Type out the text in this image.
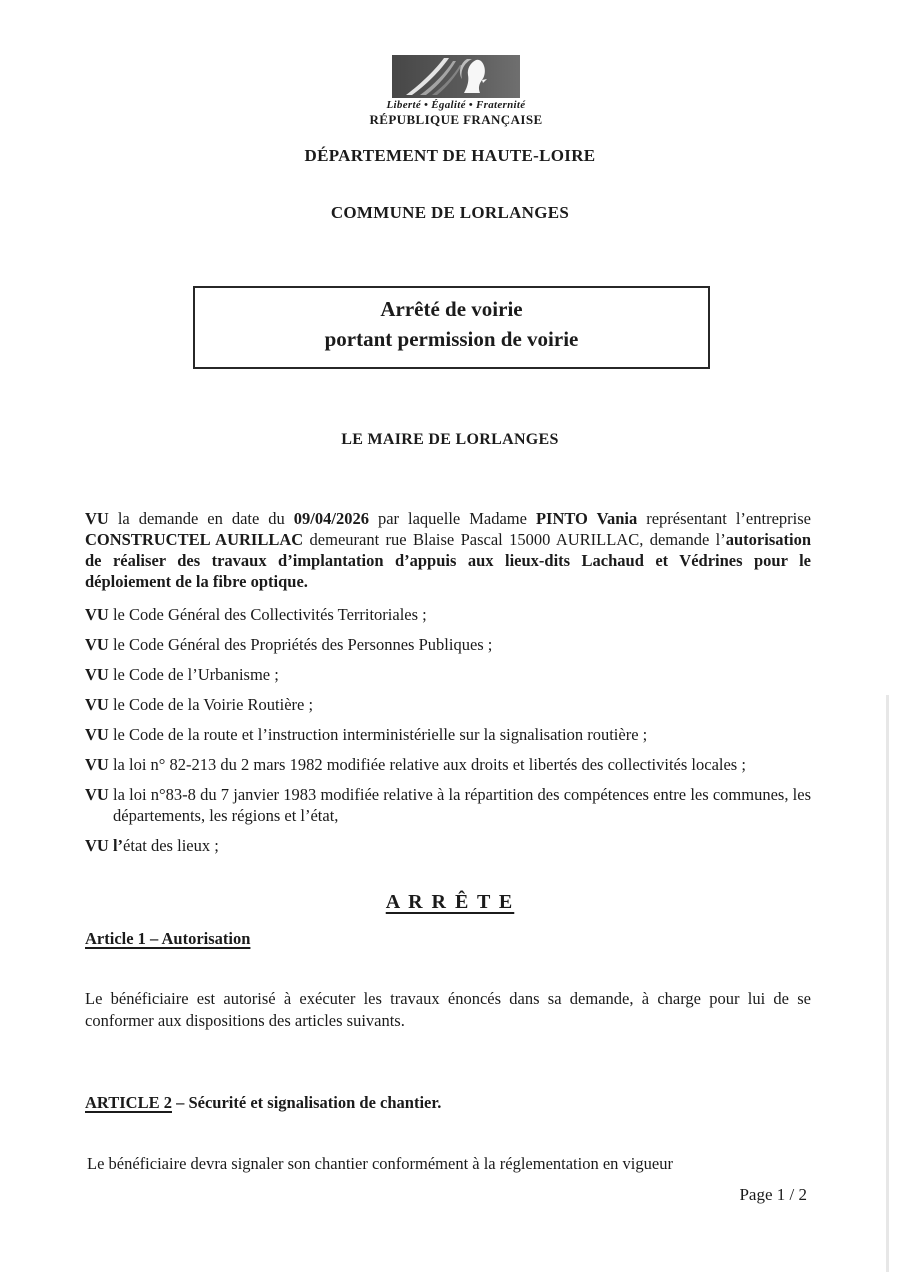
Liberté • Égalité • Fraternité
RÉPUBLIQUE FRANÇAISE
DÉPARTEMENT DE HAUTE-LOIRE
COMMUNE DE LORLANGES
Arrêté de voirie
portant permission de voirie
LE MAIRE DE LORLANGES

VU la demande en date du 09/04/2026 par laquelle Madame PINTO Vania représentant l’entreprise CONSTRUCTEL AURILLAC demeurant rue Blaise Pascal 15000 AURILLAC, demande l’autorisation de réaliser des travaux d’implantation d’appuis aux lieux-dits Lachaud et Védrines pour le déploiement de la fibre optique.

VU le Code Général des Collectivités Territoriales ;

VU le Code Général des Propriétés des Personnes Publiques ;

VU le Code de l’Urbanisme ;

VU le Code de la Voirie Routière ;

VU le Code de la route et l’instruction interministérielle sur la signalisation routière ;

VU la loi n° 82-213 du 2 mars 1982 modifiée relative aux droits et libertés des collectivités locales ;

VU la loi n°83-8 du 7 janvier 1983 modifiée relative à la répartition des compétences entre les communes, les départements, les régions et l’état,

VU l’état des lieux ;

A R R Ê T E
Article 1 – Autorisation

Le bénéficiaire est autorisé à exécuter les travaux énoncés dans sa demande, à charge pour lui de se conformer aux dispositions des articles suivants.

ARTICLE 2 – Sécurité et signalisation de chantier.

Le bénéficiaire devra signaler son chantier conformément à la réglementation en vigueur

Page 1 / 2
